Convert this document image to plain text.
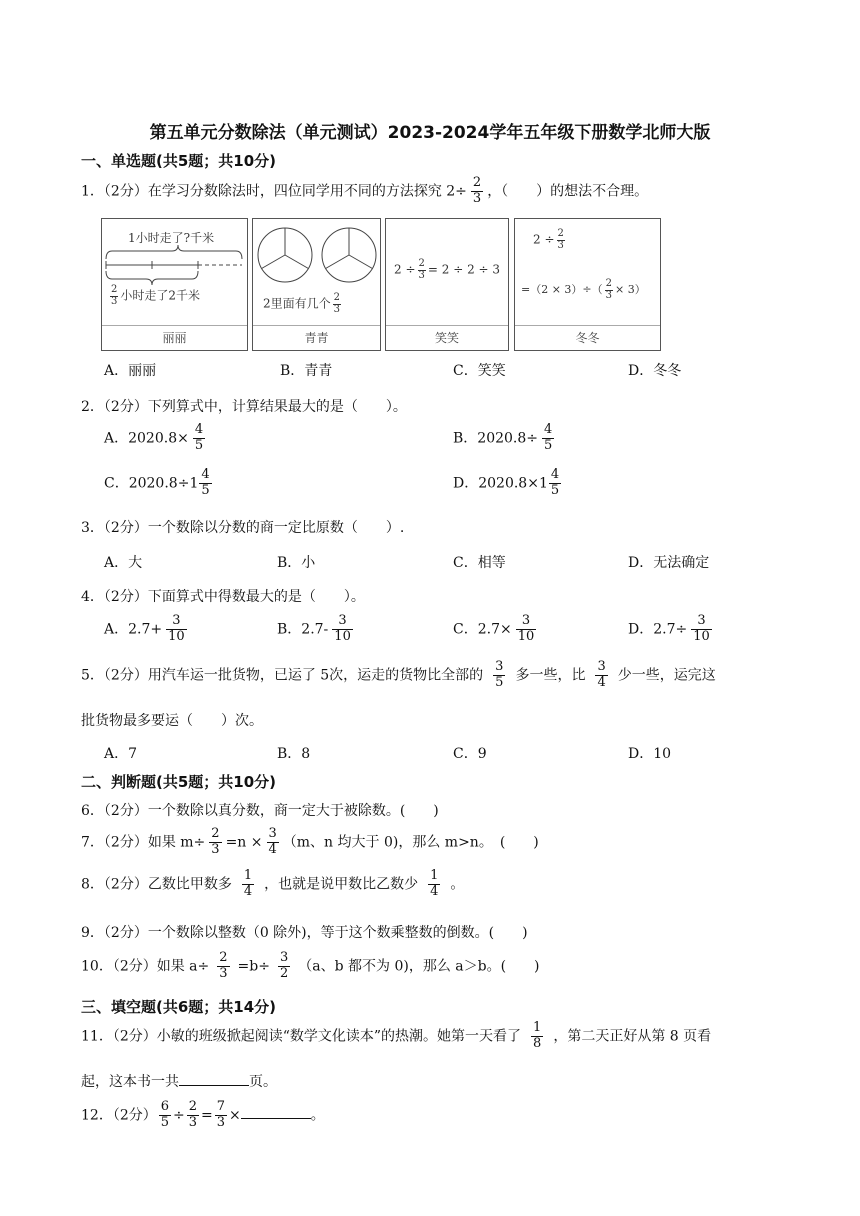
第五单元分数除法（单元测试）2023-2024学年五年级下册数学北师大版
一、单选题(共5题；共10分)
1．（2分）在学习分数除法时，四位同学用不同的方法探究 $2\div \frac{2}{3}$ ，（　　）的想法不合理。
1小时走了?千米
$\frac{2}{3}$ 小时走了2千米
丽丽
2里面有几个 $\frac{2}{3}$
青青
$2 \div \frac{2}{3} = 2 \div 2 \div 3$
笑笑
$2 \div \frac{2}{3}$
$=(2 \times 3)\div( \frac{2}{3} \times 3)$
冬冬
A．丽丽	B．青青	C．笑笑	D．冬冬
2．（2分）下列算式中，计算结果最大的是（　　）。
A．$2020.8\times \frac{4}{5}$	B．$2020.8\div \frac{4}{5}$
C．$2020.8\div 1 \frac{4}{5}$	D．$2020.8\times 1 \frac{4}{5}$
3．（2分）一个数除以分数的商一定比原数（　　）.
A．大	B．小	C．相等	D．无法确定
4．（2分）下面算式中得数最大的是（　　）。
A．$2.7+ \frac{3}{10}$	B．$2.7- \frac{3}{10}$	C．$2.7\times \frac{3}{10}$	D．$2.7\div \frac{3}{10}$
5．（2分）用汽车运一批货物，已运了 5次，运走的货物比全部的 $\frac{3}{5}$ 多一些，比 $\frac{3}{4}$ 少一些，运完这
批货物最多要运（　　）次。
A．7	B．8	C．9	D．10
二、判断题(共5题；共10分)
6．（2分）一个数除以真分数，商一定大于被除数。(　　)
7．（2分）如果 $m\div \frac{2}{3} =n \times \frac{3}{4} (m$、n 均大于 0)，那么 m>n。　(　　)
8．（2分）乙数比甲数多 $\frac{1}{4}$ ，也就是说甲数比乙数少 $\frac{1}{4}$ 。
9．（2分）一个数除以整数（0 除外)，等于这个数乘整数的倒数。(　　)
10．（2分）如果 $a\div \frac{2}{3} =b\div \frac{3}{2} (a$、b 都不为 0)，那么 a＞b。(　　)
三、填空题(共6题；共14分)
11．（2分）小敏的班级掀起阅读“数学文化读本”的热潮。她第一天看了 $\frac{1}{8}$ ，第二天正好从第 8 页看
起，这本书一共	页。
12．（2分） $\frac{6}{5} \div \frac{2}{3} = \frac{7}{3}$ ×	。
